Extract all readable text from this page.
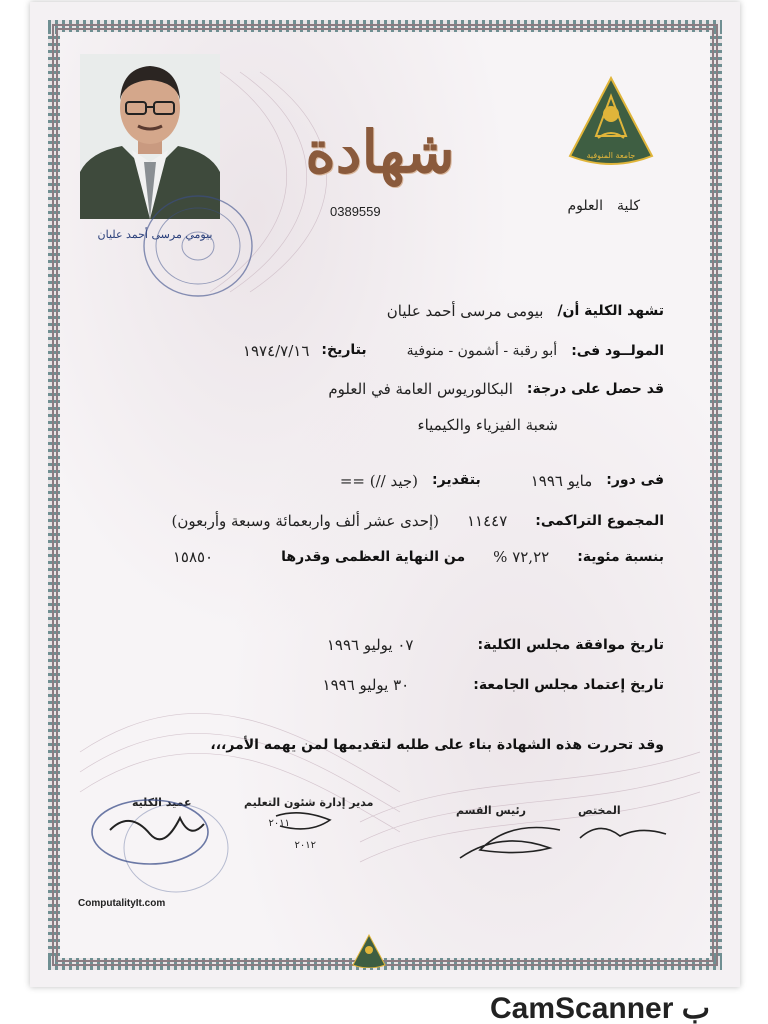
بيومي مرسى أحمد عليان
جامعة المنوفية
شهادة
0389559	كلية
العلوم
تشهد الكلية أن/
بيومى مرسى أحمد عليان
المولــود فى:
أبو رقبة - أشمون - منوفية
بتاريخ:
١٩٧٤/٧/١٦
قد حصل على درجة:
البكالوريوس العامة في العلوم
شعبة الفيزياء والكيمياء
فى دور:
مايو ١٩٩٦
بتقدير:
(جيد //) ==
المجموع التراكمى:
١١٤٤٧
(إحدى عشر ألف واربعمائة وسبعة وأربعون)
بنسبة مئوية:
٧٢,٢٢ %
من النهاية العظمى وقدرها
١٥٨٥٠
تاريخ موافقة مجلس الكلية:
٠٧ يوليو ١٩٩٦
تاريخ إعتماد مجلس الجامعة:
٣٠ يوليو ١٩٩٦
وقد تحررت هذه الشهادة بناء على طلبه لتقديمها لمن يهمه الأمر،،،
المختص
رئيس القسم
مدير إدارة شئون التعليم
عميد الكلية
٢٠١١
٢٠١٢
ComputalityIt.com
CamScanner ب
